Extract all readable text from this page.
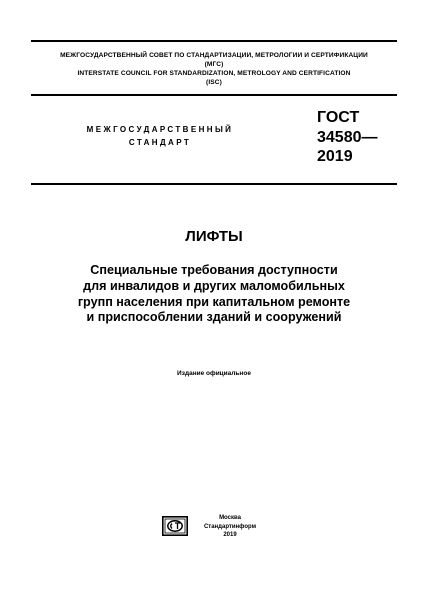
МЕЖГОСУДАРСТВЕННЫЙ СОВЕТ ПО СТАНДАРТИЗАЦИИ, МЕТРОЛОГИИ И СЕРТИФИКАЦИИ
(МГС)
INTERSTATE COUNCIL FOR STANDARDIZATION, METROLOGY AND CERTIFICATION
(ISC)
МЕЖГОСУДАРСТВЕННЫЙ
СТАНДАРТ
ГОСТ
34580—
2019
ЛИФТЫ
Специальные требования доступности
для инвалидов и других маломобильных
групп населения при капитальном ремонте
и приспособлении зданий и сооружений
Издание официальное
Москва
Стандартинформ
2019
